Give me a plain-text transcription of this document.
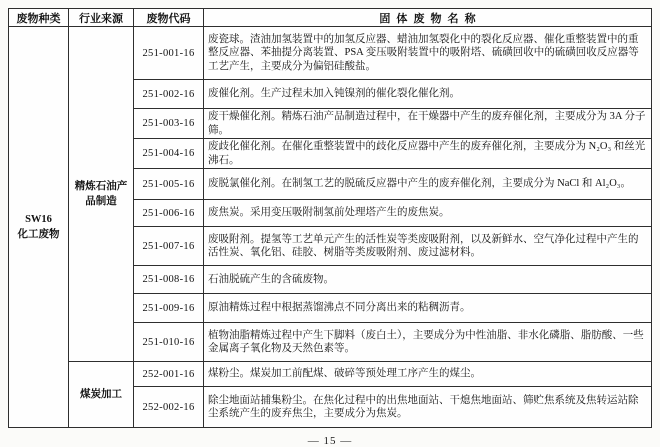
废物种类	行业来源	废物代码	固体废物名称

SW16
化工废物	精炼石油产品制造	251-001-16	废瓷球。渣油加氢装置中的加氢反应器、蜡油加氢裂化中的裂化反应器、催化重整装置中的重整反应器、苯抽提分离装置、PSA 变压吸附装置中的吸附塔、硫磺回收中的硫磺回收反应器等工艺产生，主要成分为偏铝硅酸盐。
		251-002-16	废催化剂。生产过程未加入钝镍剂的催化裂化催化剂。
		251-003-16	废干燥催化剂。精炼石油产品制造过程中，在干燥器中产生的废弃催化剂，主要成分为 3A 分子筛。
		251-004-16	废歧化催化剂。在催化重整装置中的歧化反应器中产生的废弃催化剂，主要成分为 N₂O₃ 和丝光沸石。
		251-005-16	废脱氯催化剂。在制氢工艺的脱硫反应器中产生的废弃催化剂，主要成分为 NaCl 和 Al₂O₃。
		251-006-16	废焦炭。采用变压吸附制氢前处理塔产生的废焦炭。
		251-007-16	废吸附剂。提氢等工艺单元产生的活性炭等类废吸附剂，以及新鲜水、空气净化过程中产生的活性炭、氧化铝、硅胶、树脂等类废吸附剂、废过滤材料。
		251-008-16	石油脱硫产生的含硫废物。
		251-009-16	原油精炼过程中根据蒸馏沸点不同分离出来的粘稠沥青。
		251-010-16	植物油脂精炼过程中产生下脚料（废白土），主要成分为中性油脂、非水化磷脂、脂肪酸、一些金属离子氧化物及天然色素等。
	煤炭加工	252-001-16	煤粉尘。煤炭加工前配煤、破碎等预处理工序产生的煤尘。
		252-002-16	除尘地面站捕集粉尘。在焦化过程中的出焦地面站、干熄焦地面站、筛贮焦系统及焦转运站除尘系统产生的废弃焦尘，主要成分为焦炭。
— 15 —
